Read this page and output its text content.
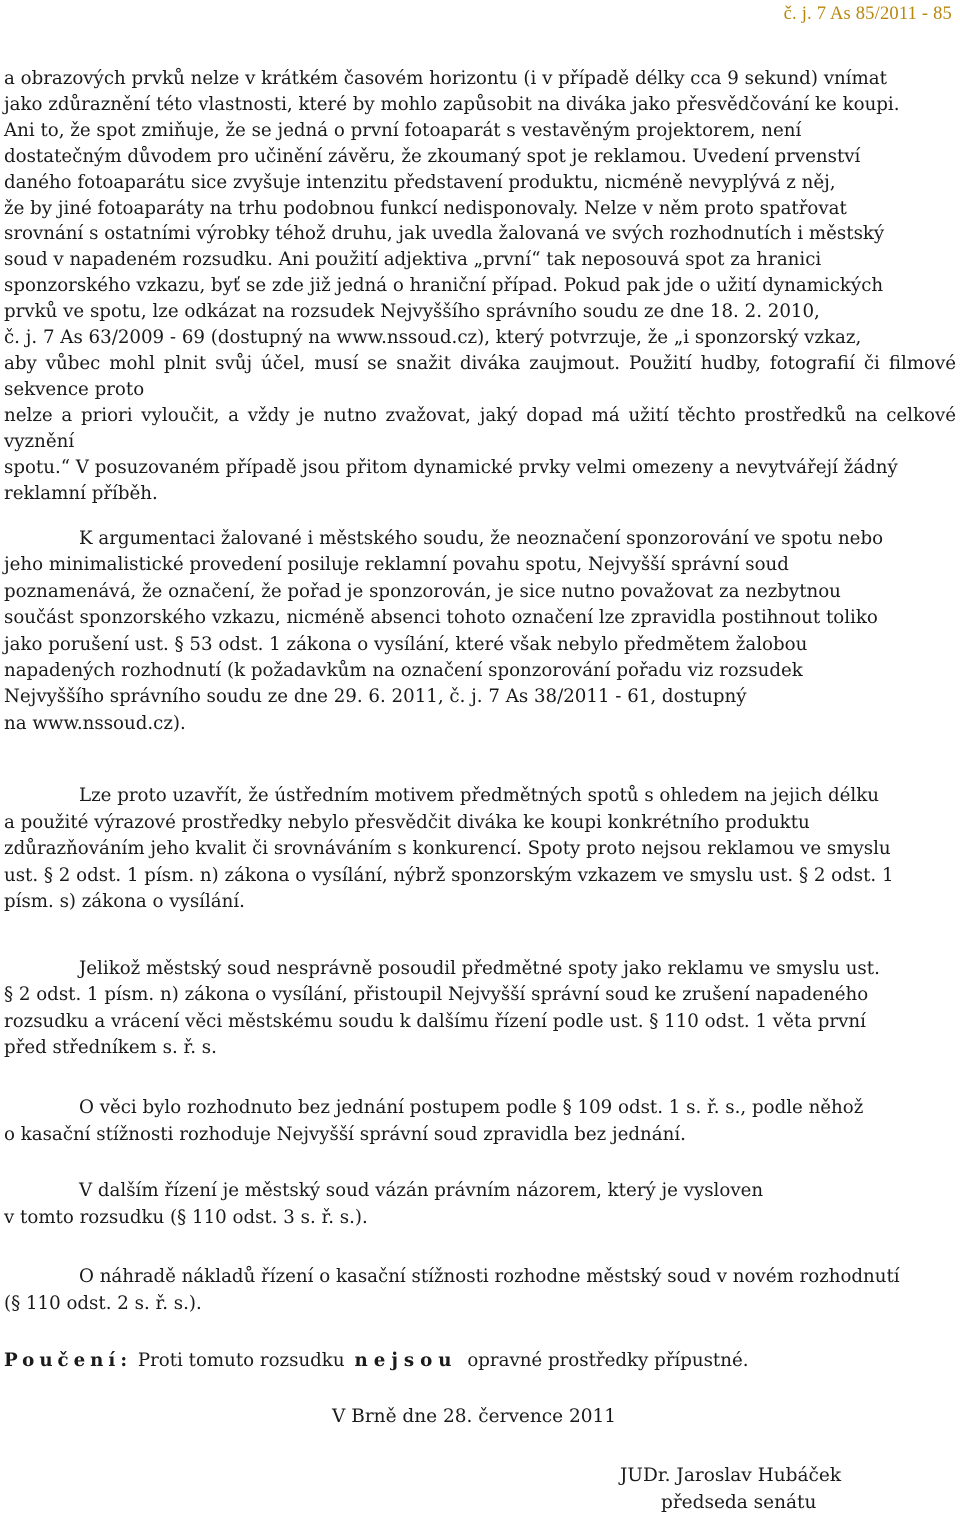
č. j. 7 As 85/2011 - 85

a obrazových prvků nelze v krátkém časovém horizontu (i v případě délky cca 9 sekund) vnímat
jako zdůraznění této vlastnosti, které by mohlo zapůsobit na diváka jako přesvědčování ke koupi.
Ani to, že spot zmiňuje, že se jedná o první fotoaparát s vestavěným projektorem, není
dostatečným důvodem pro učinění závěru, že zkoumaný spot je reklamou. Uvedení prvenství
daného fotoaparátu sice zvyšuje intenzitu představení produktu, nicméně nevyplývá z něj,
že by jiné fotoaparáty na trhu podobnou funkcí nedisponovaly. Nelze v něm proto spatřovat
srovnání s ostatními výrobky téhož druhu, jak uvedla žalovaná ve svých rozhodnutích i městský
soud v napadeném rozsudku. Ani použití adjektiva „první“ tak neposouvá spot za hranici
sponzorského vzkazu, byť se zde již jedná o hraniční případ. Pokud pak jde o užití dynamických
prvků ve spotu, lze odkázat na rozsudek Nejvyššího správního soudu ze dne 18. 2. 2010,
č. j. 7 As 63/2009 - 69 (dostupný na www.nssoud.cz), který potvrzuje, že „i sponzorský vzkaz,
aby vůbec mohl plnit svůj účel, musí se snažit diváka zaujmout. Použití hudby, fotografií či filmové sekvence proto
nelze a priori vyloučit, a vždy je nutno zvažovat, jaký dopad má užití těchto prostředků na celkové vyznění
spotu.“ V posuzovaném případě jsou přitom dynamické prvky velmi omezeny a nevytvářejí žádný
reklamní příběh.

K argumentaci žalované i městského soudu, že neoznačení sponzorování ve spotu nebo
jeho minimalistické provedení posiluje reklamní povahu spotu, Nejvyšší správní soud
poznamenává, že označení, že pořad je sponzorován, je sice nutno považovat za nezbytnou
součást sponzorského vzkazu, nicméně absenci tohoto označení lze zpravidla postihnout toliko
jako porušení ust. § 53 odst. 1 zákona o vysílání, které však nebylo předmětem žalobou
napadených rozhodnutí (k požadavkům na označení sponzorování pořadu viz rozsudek
Nejvyššího správního soudu ze dne 29. 6. 2011, č. j. 7 As 38/2011 - 61, dostupný
na www.nssoud.cz).

Lze proto uzavřít, že ústředním motivem předmětných spotů s ohledem na jejich délku
a použité výrazové prostředky nebylo přesvědčit diváka ke koupi konkrétního produktu
zdůrazňováním jeho kvalit či srovnáváním s konkurencí. Spoty proto nejsou reklamou ve smyslu
ust. § 2 odst. 1 písm. n) zákona o vysílání, nýbrž sponzorským vzkazem ve smyslu ust. § 2 odst. 1
písm. s) zákona o vysílání.

Jelikož městský soud nesprávně posoudil předmětné spoty jako reklamu ve smyslu ust.
§ 2 odst. 1 písm. n) zákona o vysílání, přistoupil Nejvyšší správní soud ke zrušení napadeného
rozsudku a vrácení věci městskému soudu k dalšímu řízení podle ust. § 110 odst. 1 věta první
před středníkem s. ř. s.

O věci bylo rozhodnuto bez jednání postupem podle § 109 odst. 1 s. ř. s., podle něhož
o kasační stížnosti rozhoduje Nejvyšší správní soud zpravidla bez jednání.

V dalším řízení je městský soud vázán právním názorem, který je vysloven
v tomto rozsudku (§ 110 odst. 3 s. ř. s.).

O náhradě nákladů řízení o kasační stížnosti rozhodne městský soud v novém rozhodnutí
(§ 110 odst. 2 s. ř. s.).

Poučení: Proti tomuto rozsudku nejsou opravné prostředky přípustné.

V Brně dne 28. července 2011
JUDr. Jaroslav Hubáček
předseda senátu
